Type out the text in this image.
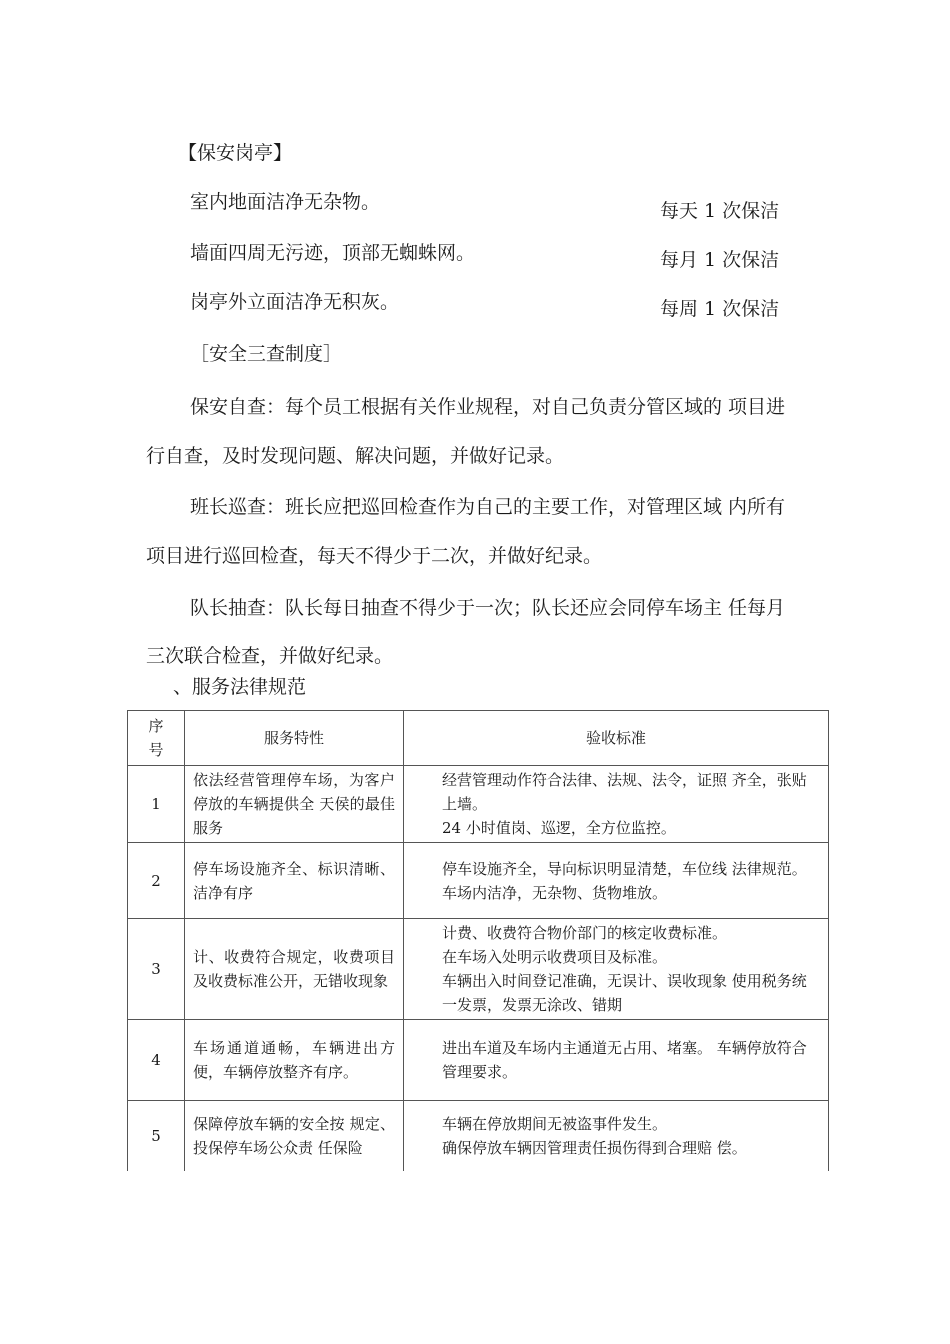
【保安岗亭】
室内地面洁净无杂物。	每天 1 次保洁
墙面四周无污迹，顶部无蜘蛛网。	每月 1 次保洁
岗亭外立面洁净无积灰。	每周 1 次保洁
［安全三查制度］
保安自查：每个员工根据有关作业规程，对自己负责分管区域的 项目进
行自查，及时发现问题、解决问题，并做好记录。
班长巡查：班长应把巡回检查作为自己的主要工作，对管理区域 内所有
项目进行巡回检查，每天不得少于二次，并做好纪录。
队长抽查：队长每日抽查不得少于一次；队长还应会同停车场主 任每月
三次联合检查，并做好纪录。
、服务法律规范
序
号	服务特性	验收标准
1	依法经营管理停车场，为客户停放的车辆提供全 天侯的最佳服务	经营管理动作符合法律、法规、法令，证照 齐全，张贴上墙。
24 小时值岗、巡逻，全方位监控。

2	停车场设施齐全、标识清晰、洁净有序	停车设施齐全，导向标识明显清楚，车位线 法律规范。
车场内洁净，无杂物、货物堆放。

3	计、收费符合规定，收费项目及收费标准公开，无错收现象	计费、收费符合物价部门的核定收费标准。
在车场入处明示收费项目及标准。
车辆出入时间登记准确，无误计、误收现象 使用税务统一发票，发票无涂改、错期

4	车场通道通畅，车辆进出方便，车辆停放整齐有序。	进出车道及车场内主通道无占用、堵塞。 车辆停放符合管理要求。

5	保障停放车辆的安全按 规定、投保停车场公众责 任保险	车辆在停放期间无被盗事件发生。
确保停放车辆因管理责任损伤得到合理赔 偿。
